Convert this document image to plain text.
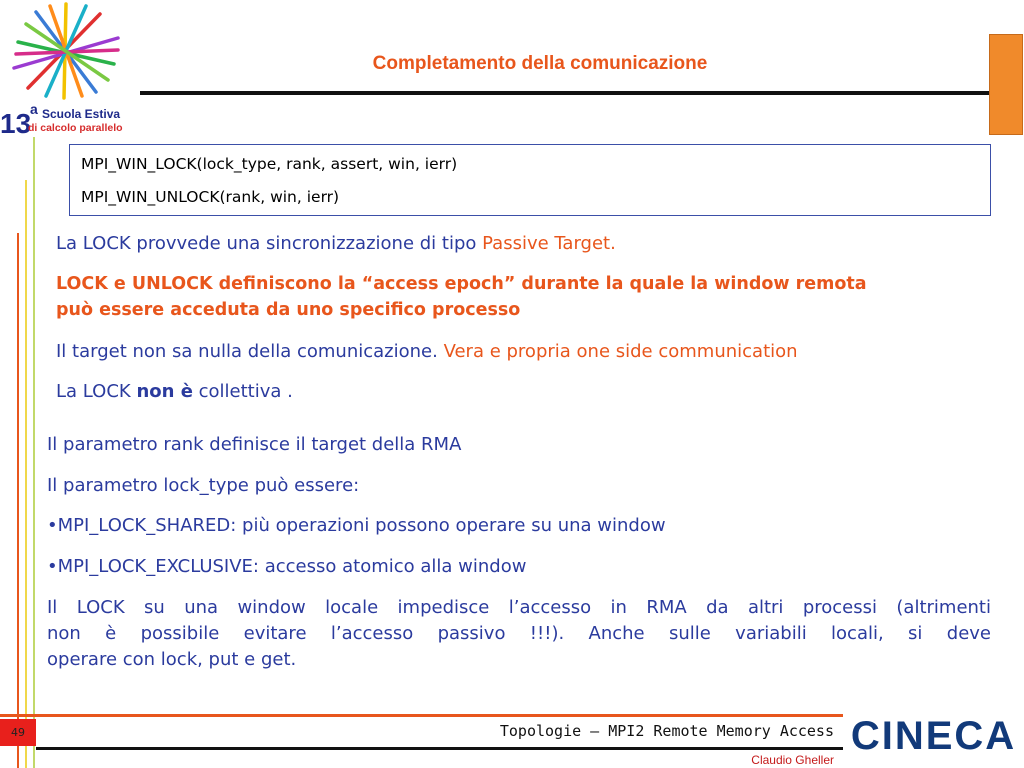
13
a Scuola Estiva
di calcolo parallelo
Completamento della comunicazione
MPI_WIN_LOCK(lock_type, rank, assert, win, ierr)
MPI_WIN_UNLOCK(rank, win, ierr)
La LOCK provvede una sincronizzazione di tipo Passive Target.
LOCK e UNLOCK definiscono la “access epoch” durante la quale la window remota
può essere acceduta da uno specifico processo
Il target non sa nulla della comunicazione. Vera e propria one side communication
La LOCK non è collettiva .
Il parametro rank definisce il target della RMA
Il parametro lock_type può essere:
•MPI_LOCK_SHARED: più operazioni possono operare su una window
•MPI_LOCK_EXCLUSIVE: accesso atomico alla window
Il LOCK su una window locale impedisce l’accesso in RMA da altri processi (altrimenti
non è possibile evitare l’accesso passivo !!!). Anche sulle variabili locali, si deve
operare con lock, put e get.
49	Topologie – MPI2 Remote Memory Access
Claudio Gheller
CINECA
